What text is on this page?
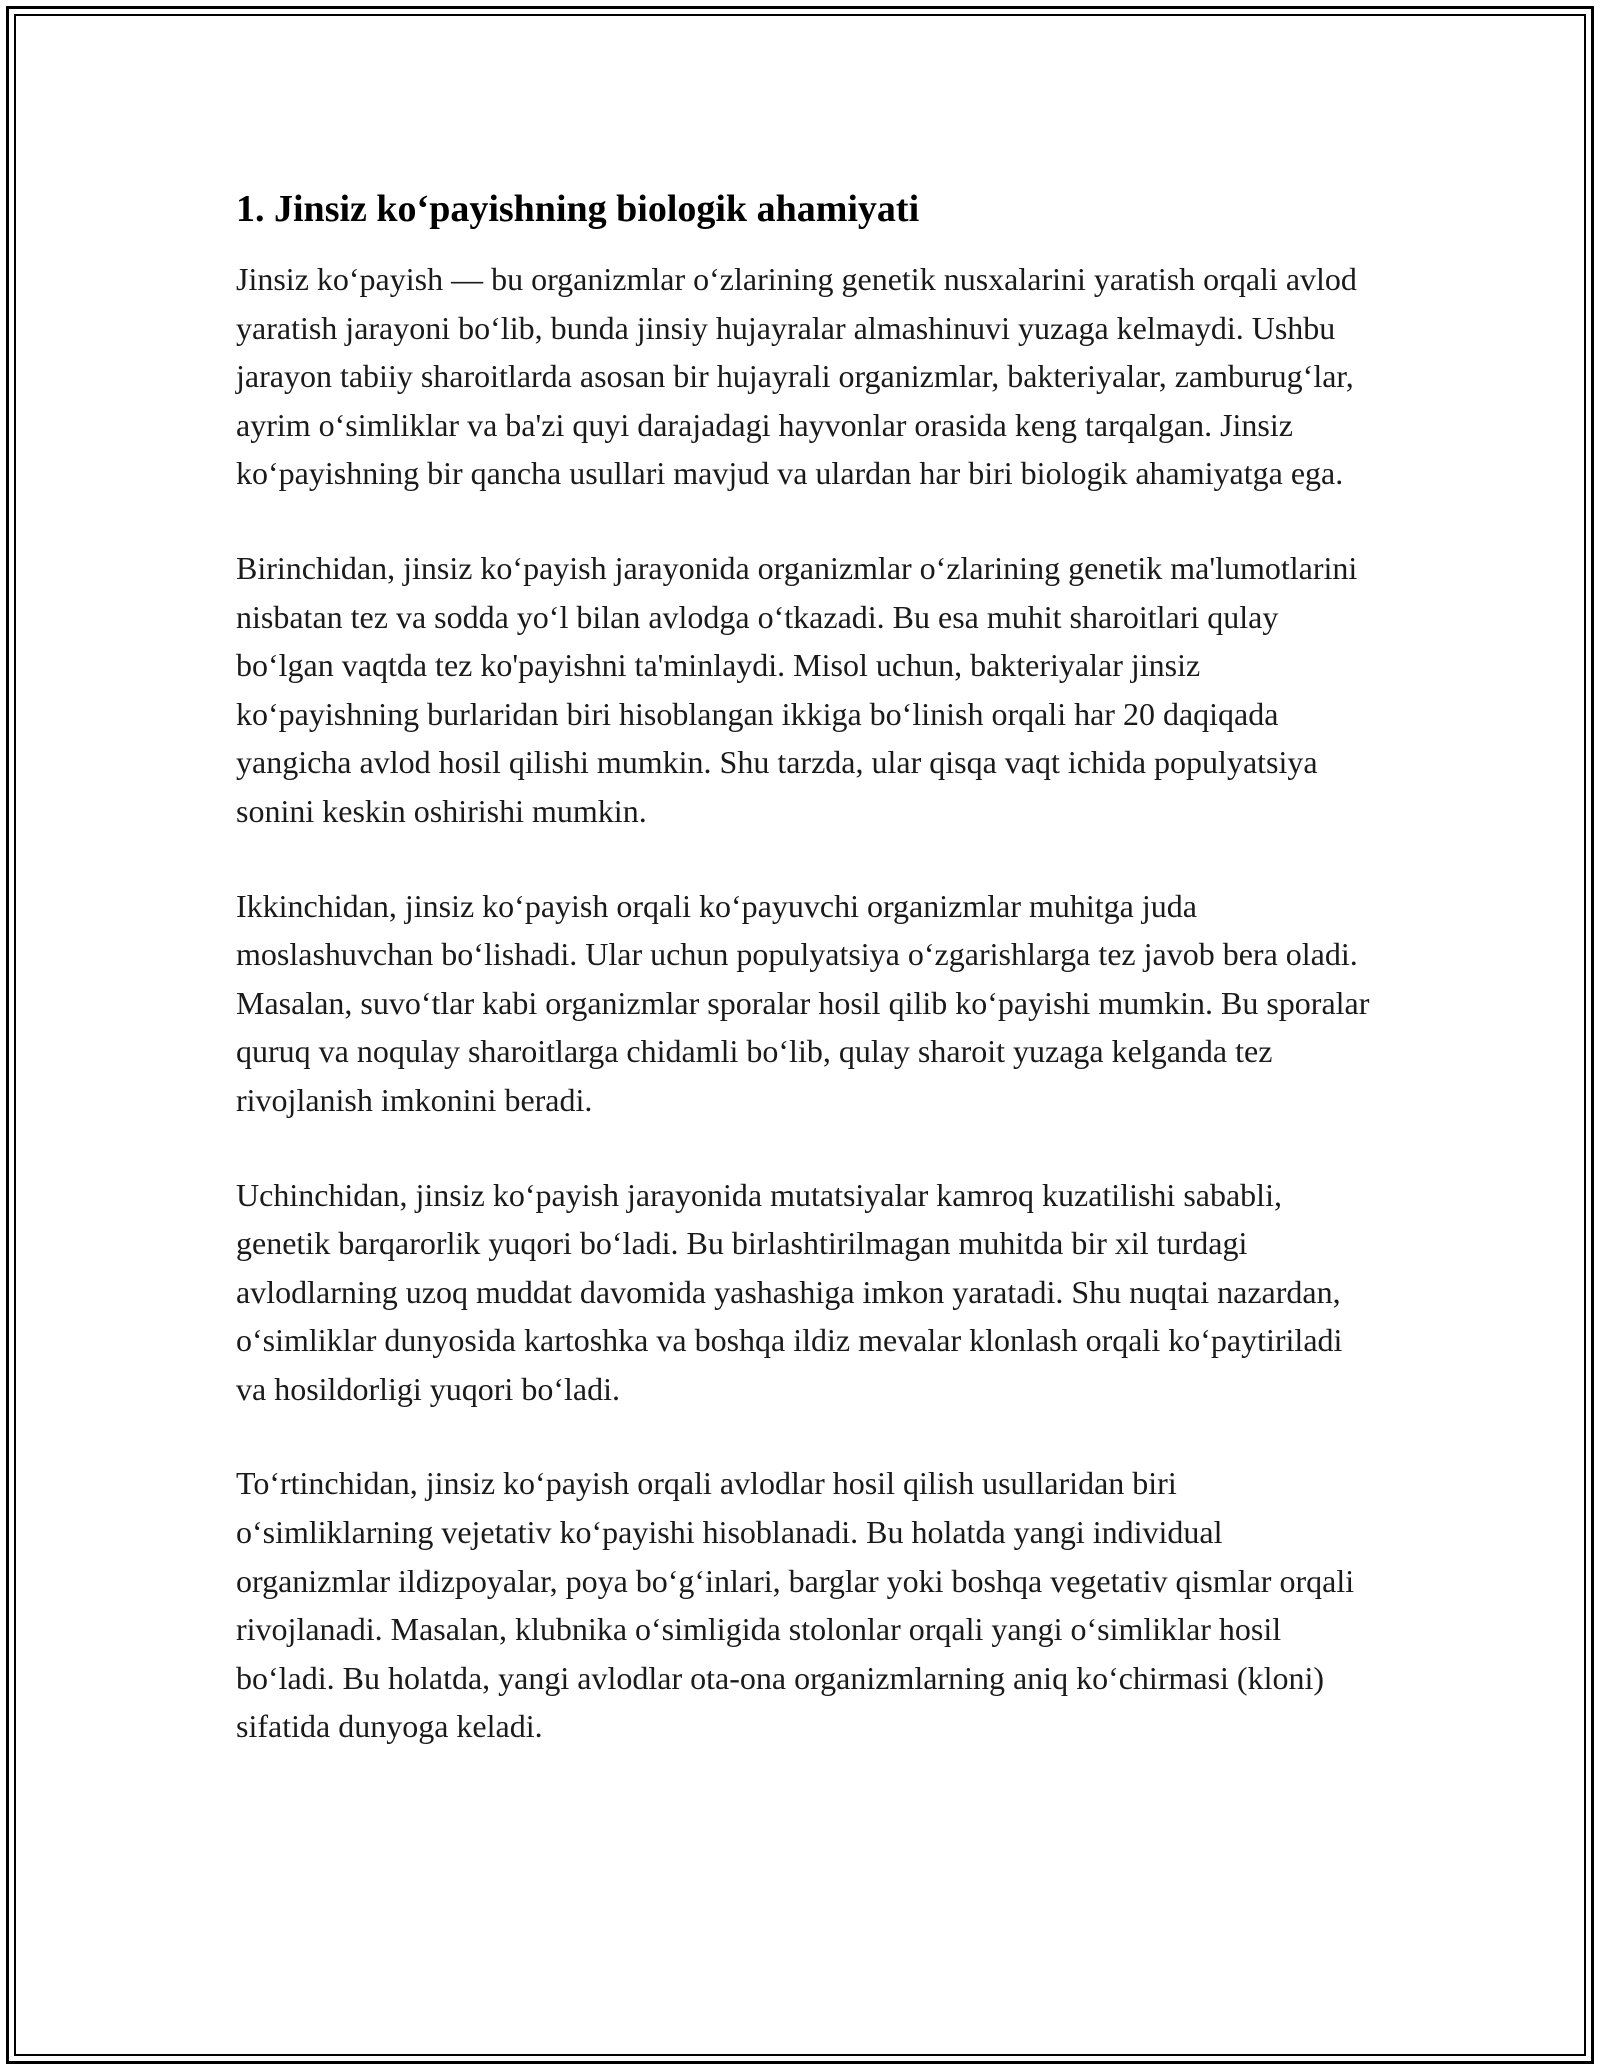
1. Jinsiz ko‘payishning biologik ahamiyati

Jinsiz ko‘payish — bu organizmlar o‘zlarining genetik nusxalarini yaratish orqali avlod yaratish jarayoni bo‘lib, bunda jinsiy hujayralar almashinuvi yuzaga kelmaydi. Ushbu jarayon tabiiy sharoitlarda asosan bir hujayrali organizmlar, bakteriyalar, zamburug‘lar, ayrim o‘simliklar va ba'zi quyi darajadagi hayvonlar orasida keng tarqalgan. Jinsiz ko‘payishning bir qancha usullari mavjud va ulardan har biri biologik ahamiyatga ega.

Birinchidan, jinsiz ko‘payish jarayonida organizmlar o‘zlarining genetik ma'lumotlarini nisbatan tez va sodda yo‘l bilan avlodga o‘tkazadi. Bu esa muhit sharoitlari qulay bo‘lgan vaqtda tez ko'payishni ta'minlaydi. Misol uchun, bakteriyalar jinsiz ko‘payishning burlaridan biri hisoblangan ikkiga bo‘linish orqali har 20 daqiqada yangicha avlod hosil qilishi mumkin. Shu tarzda, ular qisqa vaqt ichida populyatsiya sonini keskin oshirishi mumkin.

Ikkinchidan, jinsiz ko‘payish orqali ko‘payuvchi organizmlar muhitga juda moslashuvchan bo‘lishadi. Ular uchun populyatsiya o‘zgarishlarga tez javob bera oladi. Masalan, suvo‘tlar kabi organizmlar sporalar hosil qilib ko‘payishi mumkin. Bu sporalar quruq va noqulay sharoitlarga chidamli bo‘lib, qulay sharoit yuzaga kelganda tez rivojlanish imkonini beradi.

Uchinchidan, jinsiz ko‘payish jarayonida mutatsiyalar kamroq kuzatilishi sababli, genetik barqarorlik yuqori bo‘ladi. Bu birlashtirilmagan muhitda bir xil turdagi avlodlarning uzoq muddat davomida yashashiga imkon yaratadi. Shu nuqtai nazardan, o‘simliklar dunyosida kartoshka va boshqa ildiz mevalar klonlash orqali ko‘paytiriladi va hosildorligi yuqori bo‘ladi.

To‘rtinchidan, jinsiz ko‘payish orqali avlodlar hosil qilish usullaridan biri o‘simliklarning vejetativ ko‘payishi hisoblanadi. Bu holatda yangi individual organizmlar ildizpoyalar, poya bo‘g‘inlari, barglar yoki boshqa vegetativ qismlar orqali rivojlanadi. Masalan, klubnika o‘simligida stolonlar orqali yangi o‘simliklar hosil bo‘ladi. Bu holatda, yangi avlodlar ota-ona organizmlarning aniq ko‘chirmasi (kloni) sifatida dunyoga keladi.
